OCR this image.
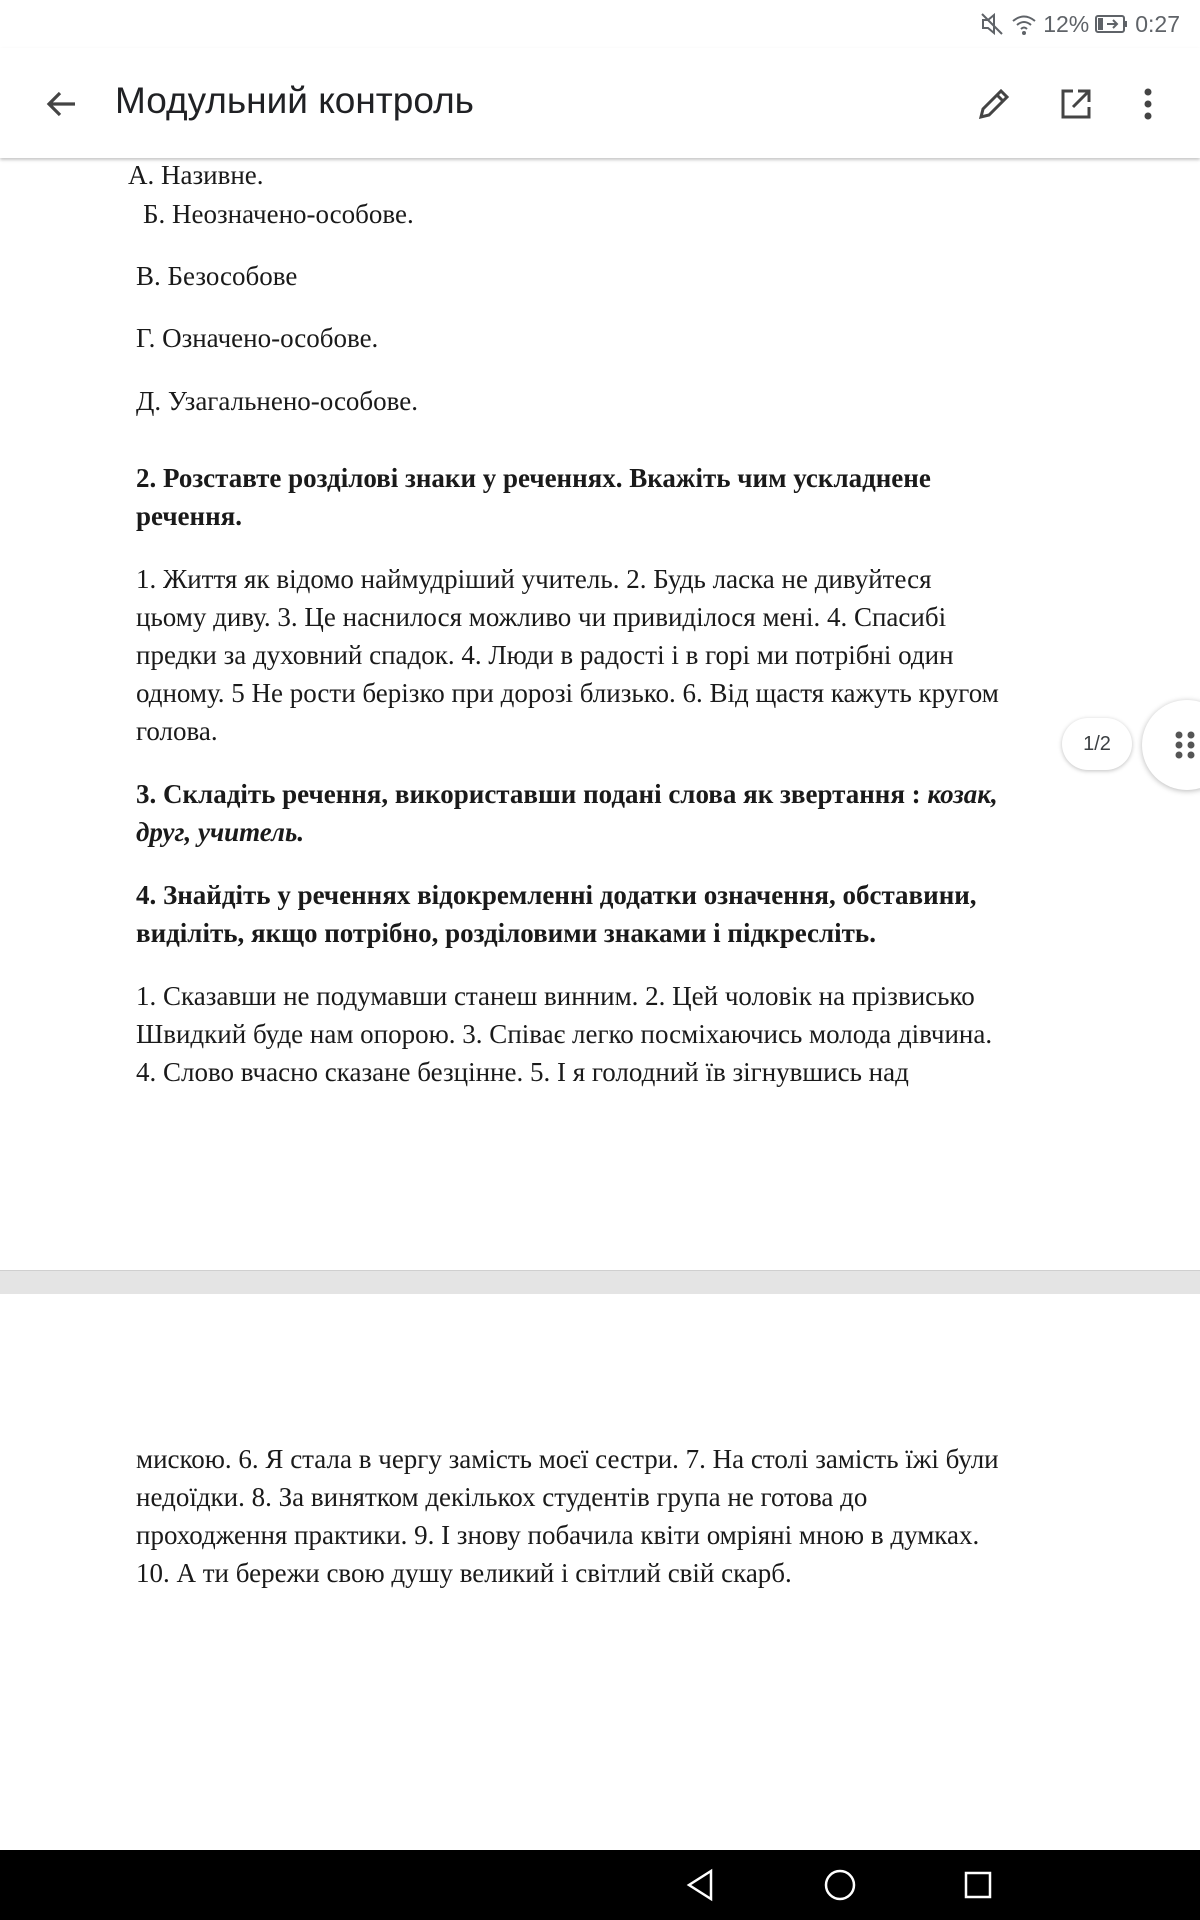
12% 0:27
Модульний контроль
А. Називне.
Б. Неозначено-особове.
В. Безособове
Г. Означено-особове.
Д. Узагальнено-особове.
2. Розставте розділові знаки у реченнях. Вкажіть чим ускладнене
речення.
1. Життя як відомо наймудріший учитель. 2. Будь ласка не дивуйтеся
цьому диву. 3. Це наснилося можливо чи привиділося мені. 4. Спасибі
предки за духовний спадок. 4. Люди в радості і в горі ми потрібні один
одному. 5 Не рости берізко при дорозі близько. 6. Від щастя кажуть кругом
голова.
3. Складіть речення, використавши подані слова як звертання : козак,
друг, учитель.
4. Знайдіть у реченнях відокремленні додатки означення, обставини,
виділіть, якщо потрібно, розділовими знаками і підкресліть.
1. Сказавши не подумавши станеш винним. 2. Цей чоловік на прізвисько
Швидкий буде нам опорою. 3. Співає легко посміхаючись молода дівчина.
4. Слово вчасно сказане безцінне. 5. І я голодний їв зігнувшись над
мискою. 6. Я стала в чергу замість моєї сестри. 7. На столі замість їжі були
недоїдки. 8. За винятком декількох студентів група не готова до
проходження практики. 9. І знову побачила квіти омріяні мною в думках.
10. А ти бережи свою душу великий і світлий свій скарб.
1/2
